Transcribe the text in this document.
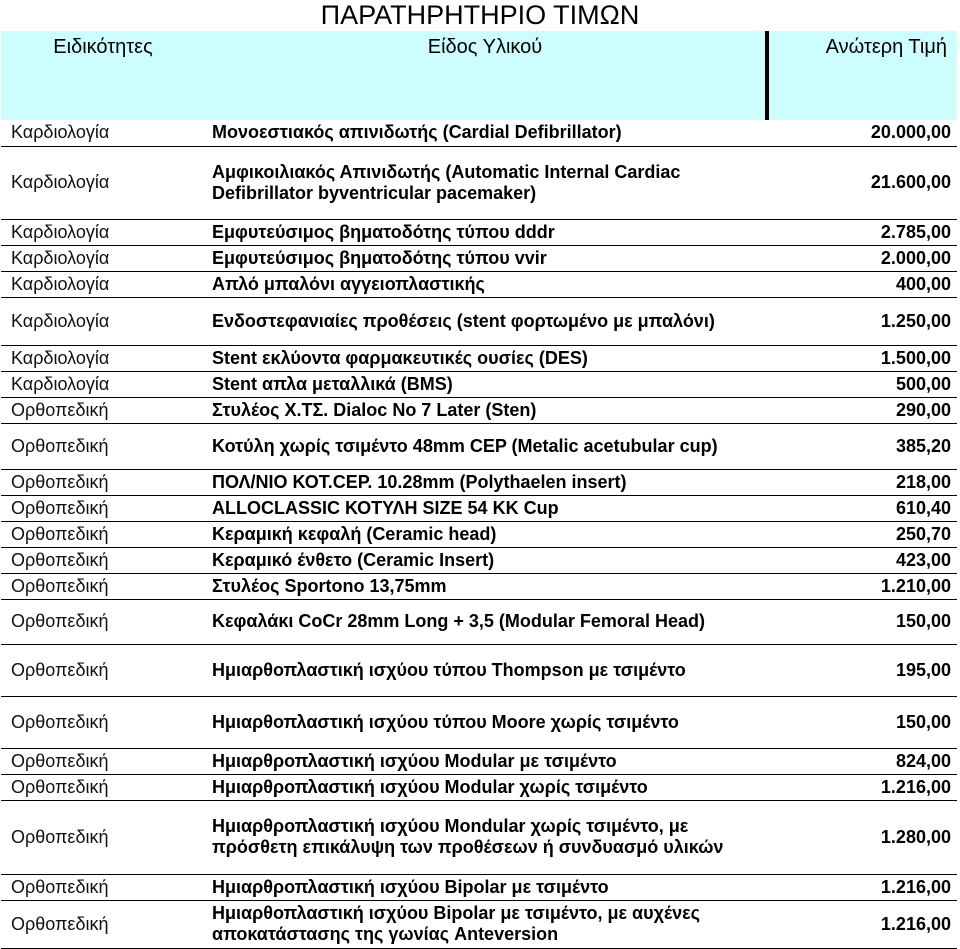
ΠΑΡΑΤΗΡΗΤΗΡΙΟ ΤΙΜΩΝ
Ειδικότητες	Είδος Υλικού	Ανώτερη Τιμή

Καρδιολογία	Μονοεστιακός απινιδωτής (Cardial Defibrillator)	20.000,00
Καρδιολογία	Αμφικοιλιακός Απινιδωτής (Automatic Internal Cardiac Defibrillator byventricular pacemaker)	21.600,00
Καρδιολογία	Εμφυτεύσιμος βηματοδότης τύπου dddr	2.785,00
Καρδιολογία	Εμφυτεύσιμος βηματοδότης τύπου vvir	2.000,00
Καρδιολογία	Απλό μπαλόνι αγγειοπλαστικής	400,00
Καρδιολογία	Ενδοστεφανιαίες προθέσεις (stent φορτωμένο με μπαλόνι)	1.250,00
Καρδιολογία	Stent εκλύοντα φαρμακευτικές ουσίες (DES)	1.500,00
Καρδιολογία	Stent απλα μεταλλικά (BMS)	500,00
Ορθοπεδική	Στυλέος Χ.ΤΣ. Dialoc No 7 Later (Sten)	290,00
Ορθοπεδική	Κοτύλη χωρίς τσιμέντο 48mm CEP (Metalic acetubular cup)	385,20
Ορθοπεδική	ΠΟΛ/ΝΙΟ ΚΟΤ.CEP. 10.28mm (Polythaelen insert)	218,00
Ορθοπεδική	ALLOCLASSIC ΚΟΤΥΛΗ SIZE 54 KK Cup	610,40
Ορθοπεδική	Κεραμική κεφαλή (Ceramic head)	250,70
Ορθοπεδική	Κεραμικό ένθετο (Ceramic Insert)	423,00
Ορθοπεδική	Στυλέος Sportono 13,75mm	1.210,00
Ορθοπεδική	Κεφαλάκι CoCr 28mm Long + 3,5 (Modular Femoral Head)	150,00
Ορθοπεδική	Ημιαρθοπλαστική ισχύου τύπου Thompson με τσιμέντο	195,00
Ορθοπεδική	Ημιαρθοπλαστική ισχύου τύπου Moore χωρίς τσιμέντο	150,00
Ορθοπεδική	Ημιαρθροπλαστική ισχύου Modular με τσιμέντο	824,00
Ορθοπεδική	Ημιαρθροπλαστική ισχύου Modular χωρίς τσιμέντο	1.216,00
Ορθοπεδική	Ημιαρθροπλαστική ισχύου Mondular χωρίς τσιμέντο, με πρόσθετη επικάλυψη των προθέσεων ή συνδυασμό υλικών	1.280,00
Ορθοπεδική	Ημιαρθροπλαστική ισχύου Bipolar με τσιμέντο	1.216,00
Ορθοπεδική	Ημιαρθοπλαστική ισχύου Bipolar με τσιμέντο, με αυχένες αποκατάστασης της γωνίας Anteversion	1.216,00
